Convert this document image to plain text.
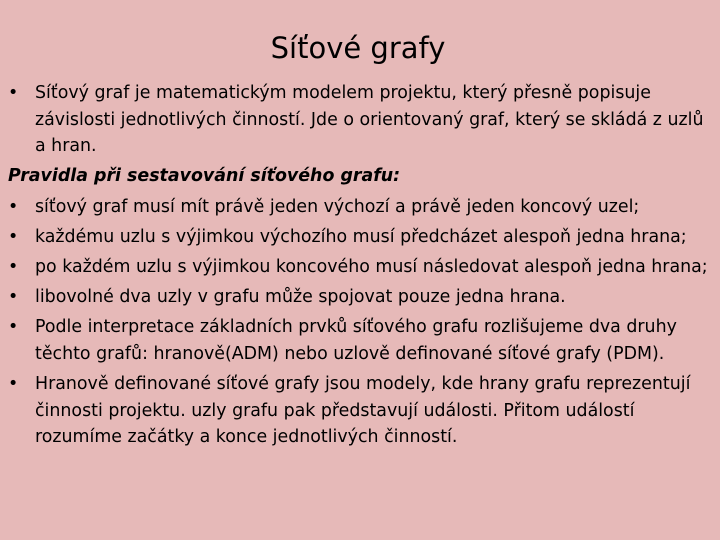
Síťové grafy
• Síťový graf je matematickým modelem projektu, který přesně popisuje závislosti jednotlivých činností. Jde o orientovaný graf, který se skládá z uzlů a hran.
Pravidla při sestavování síťového grafu:
• síťový graf musí mít právě jeden výchozí a právě jeden koncový uzel;
• každému uzlu s výjimkou výchozího musí předcházet alespoň jedna hrana;
• po každém uzlu s výjimkou koncového musí následovat alespoň jedna hrana;
• libovolné dva uzly v grafu může spojovat pouze jedna hrana.
• Podle interpretace základních prvků síťového grafu rozlišujeme dva druhy těchto grafů: hranově(ADM) nebo uzlově definované síťové grafy (PDM).
• Hranově definované síťové grafy jsou modely, kde hrany grafu reprezentují činnosti projektu. uzly grafu pak představují události. Přitom událostí rozumíme začátky a konce jednotlivých činností.
